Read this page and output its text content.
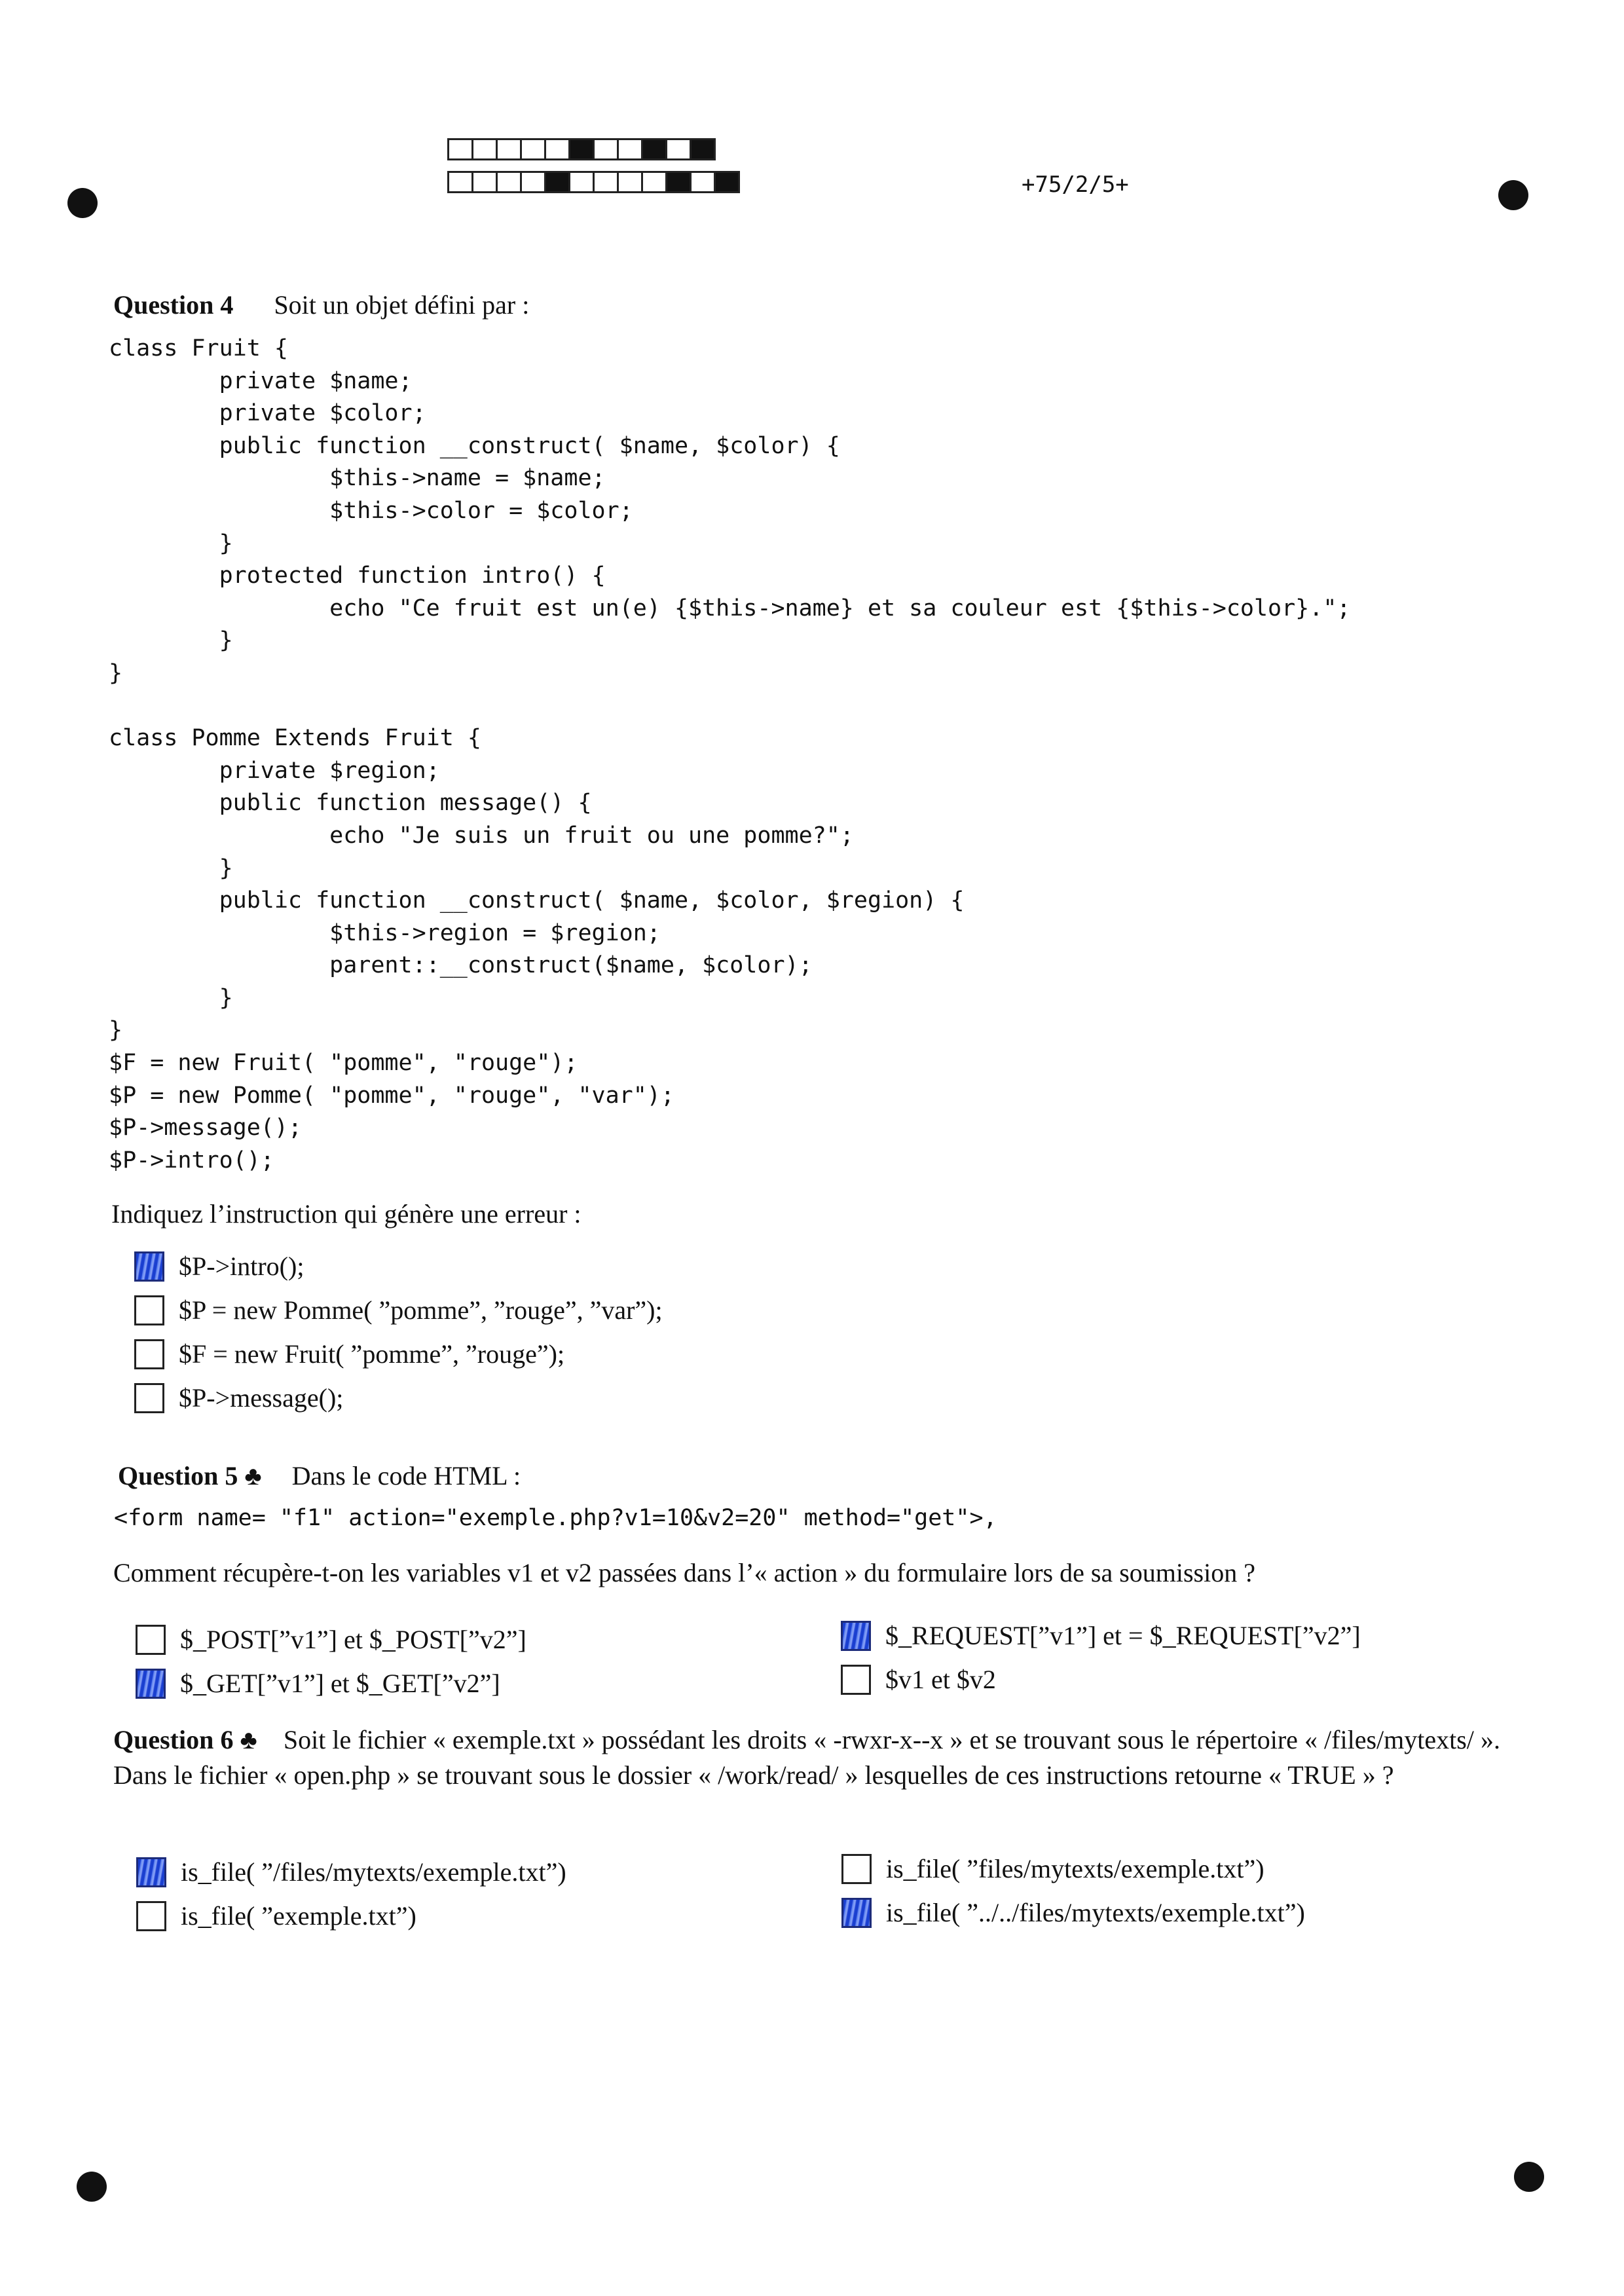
+75/2/5+

Question 4 Soit un objet défini par :

class Fruit {
private $name;
private $color;
public function __construct( $name, $color) {
$this->name = $name;
$this->color = $color;
}
protected function intro() {
echo "Ce fruit est un(e) {$this->name} et sa couleur est {$this->color}.";
}
}

class Pomme Extends Fruit {
private $region;
public function message() {
echo "Je suis un fruit ou une pomme?";
}
public function __construct( $name, $color, $region) {
$this->region = $region;
parent::__construct($name, $color);
}
}
$F = new Fruit( "pomme", "rouge");
$P = new Pomme( "pomme", "rouge", "var");
$P->message();
$P->intro();
Indiquez l’instruction qui génère une erreur :
$P->intro();
$P = new Pomme( ”pomme”, ”rouge”, ”var”);
$F = new Fruit( ”pomme”, ”rouge”);
$P->message();

Question 5 ♣ Dans le code HTML :

<form name= "f1" action="exemple.php?v1=10&v2=20" method="get">,
Comment récupère-t-on les variables v1 et v2 passées dans l’« action » du formulaire lors de sa soumission ?
$_POST[”v1”] et $_POST[”v2”]
$_GET[”v1”] et $_GET[”v2”]
$_REQUEST[”v1”] et = $_REQUEST[”v2”]
$v1 et $v2
Question 6 ♣ Soit le fichier « exemple.txt » possédant les droits « -rwxr-x--x » et se trouvant sous le répertoire « /files/mytexts/ ». Dans le fichier « open.php » se trouvant sous le dossier « /work/read/ » lesquelles de ces instructions retourne « TRUE » ?
is_file( ”/files/mytexts/exemple.txt”)
is_file( ”exemple.txt”)
is_file( ”files/mytexts/exemple.txt”)
is_file( ”../../files/mytexts/exemple.txt”)
